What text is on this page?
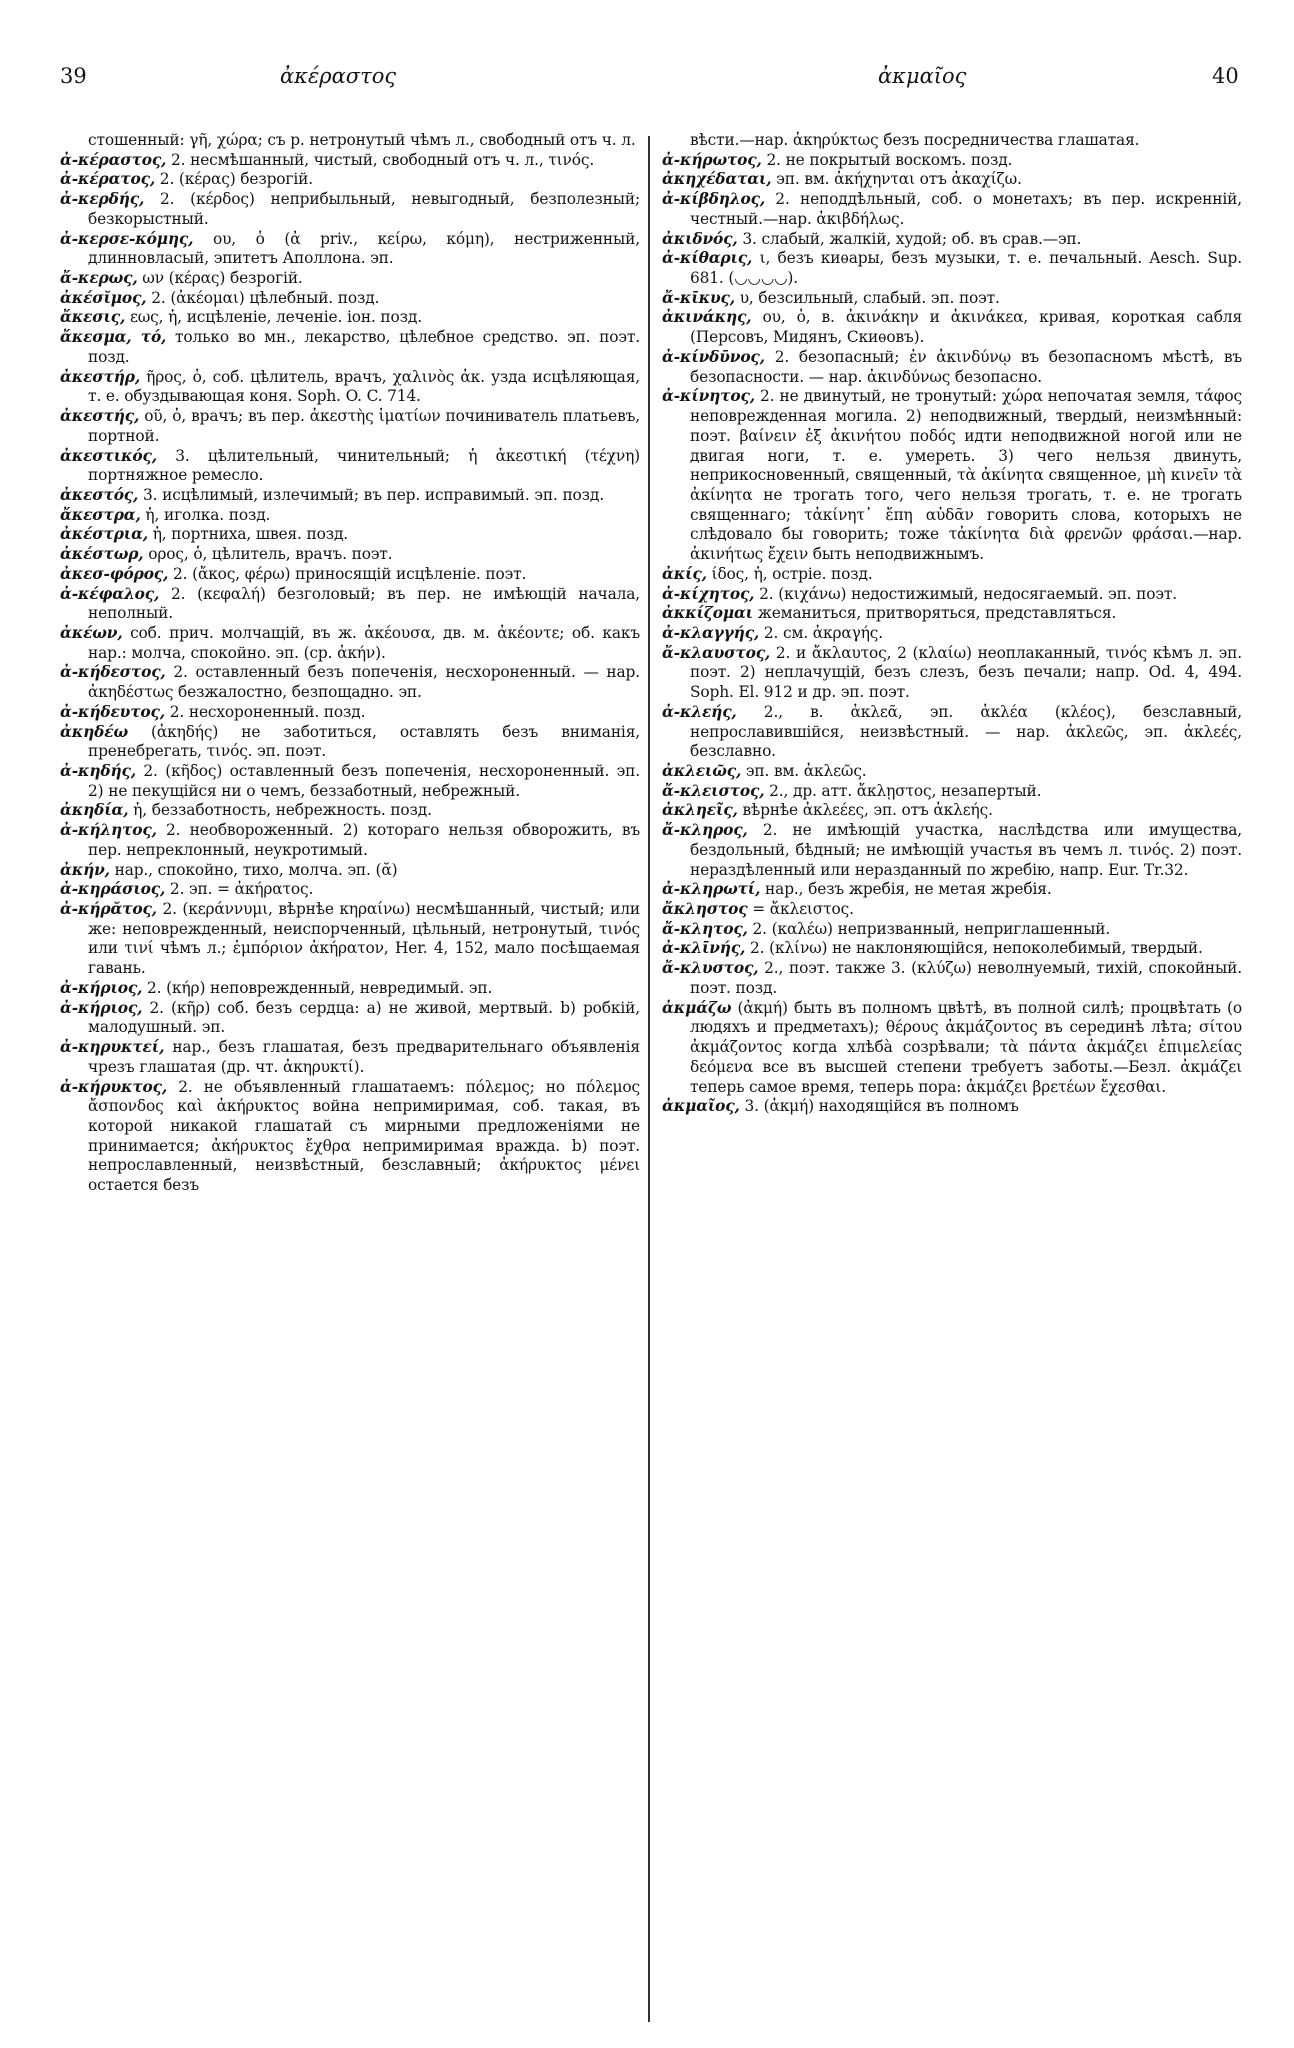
39	ἀκέραστος	ἀκμαῖος	40

стошенный: γῆ, χώρα; съ р. нетронутый чѣмъ л., свободный отъ ч. л.

ἀ-κέραστος, 2. несмѣшанный, чистый, свободный отъ ч. л., τινός.

ἀ-κέρατος, 2. (κέρας) безрогій.

ἀ-κερδής, 2. (κέρδος) неприбыльный, невыгодный, безполезный; безкорыстный.

ἀ-κερσε-κόμης, ου, ὁ (ἀ priv., κείρω, κόμη), нестриженный, длинновласый, эпитетъ Аполлона. эп.

ἄ-κερως, ων (κέρας) безрогій.

ἀκέσῐμος, 2. (ἀκέομαι) цѣлебный. позд.

ἄκεσις, εως, ἡ, исцѣленіе, леченіе. іон. позд.

ἄκεσμα, τό, только во мн., лекарство, цѣлебное средство. эп. поэт. позд.

ἀκεστήρ, ῆρος, ὁ, соб. цѣлитель, врачъ, χαλινὸς ἀκ. узда исцѣляющая, т. е. обуздывающая коня. Soph. O. C. 714.

ἀκεστής, οῦ, ὁ, врачъ; въ пер. ἀκεστὴς ἱματίων починиватель платьевъ, портной.

ἀκεστικός, 3. цѣлительный, чинительный; ἡ ἀκεστική (τέχνη) портняжное ремесло.

ἀκεστός, 3. исцѣлимый, излечимый; въ пер. исправимый. эп. позд.

ἄκεστρα, ἡ, иголка. позд.

ἀκέστρια, ἡ, портниха, швея. позд.

ἀκέστωρ, ορος, ὁ, цѣлитель, врачъ. поэт.

ἀκεσ-φόρος, 2. (ἄκος, φέρω) приносящій исцѣленіе. поэт.

ἀ-κέφαλος, 2. (κεφαλή) безголовый; въ пер. не имѣющій начала, неполный.

ἀκέων, соб. прич. молчащій, въ ж. ἀκέουσα, дв. м. ἀκέοντε; об. какъ нар.: молча, спокойно. эп. (ср. ἀκήν).

ἀ-κήδεστος, 2. оставленный безъ попеченія, несхороненный. — нар. ἀκηδέστως безжалостно, безпощадно. эп.

ἀ-κήδευτος, 2. несхороненный. позд.

ἀκηδέω (ἀκηδής) не заботиться, оставлять безъ вниманія, пренебрегать, τινός. эп. поэт.

ἀ-κηδής, 2. (κῆδος) оставленный безъ попеченія, несхороненный. эп. 2) не пекущійся ни о чемъ, беззаботный, небрежный.

ἀκηδία, ἡ, беззаботность, небрежность. позд.

ἀ-κήλητος, 2. необвороженный. 2) котораго нельзя обворожить, въ пер. непреклонный, неукротимый.

ἀκήν, нар., спокойно, тихо, молча. эп. (ᾰ)

ἀ-κηράσιος, 2. эп. = ἀκήρατος.

ἀ-κήρᾰτος, 2. (κεράννυμι, вѣрнѣе κηραίνω) несмѣшанный, чистый; или же: неповрежденный, неиспорченный, цѣльный, нетронутый, τινός или τινί чѣмъ л.; ἐμπόριον ἀκήρατον, Her. 4, 152, мало посѣщаемая гавань.

ἀ-κήριος, 2. (κήρ) неповрежденный, невредимый. эп.

ἀ-κήριος, 2. (κῆρ) соб. безъ сердца: a) не живой, мертвый. b) робкій, малодушный. эп.

ἀ-κηρυκτεί, нар., безъ глашатая, безъ предварительнаго объявленія чрезъ глашатая (др. чт. ἀκηρυκτί).

ἀ-κήρυκτος, 2. не объявленный глашатаемъ: πόλεμος; но πόλεμος ἄσπονδος καὶ ἀκήρυκτος война непримиримая, соб. такая, въ которой никакой глашатай съ мирными предложеніями не принимается; ἀκήρυκτος ἔχθρα непримиримая вражда. b) поэт. непрославленный, неизвѣстный, безславный; ἀκήρυκτος μένει остается безъ

вѣсти.—нар. ἀκηρύκτως безъ посредничества глашатая.

ἀ-κήρωτος, 2. не покрытый воскомъ. позд.

ἀκηχέδαται, эп. вм. ἀκήχηνται отъ ἀκαχίζω.

ἀ-κίβδηλος, 2. неподдѣльный, соб. о монетахъ; въ пер. искренній, честный.—нар. ἀκιβδήλως.

ἀκιδνός, 3. слабый, жалкій, худой; об. въ срав.—эп.

ἀ-κίθαρις, ι, безъ киѳары, безъ музыки, т. е. печальный. Aesch. Sup. 681. (◡◡◡◡).

ἄ-κῑκυς, υ, безсильный, слабый. эп. поэт.

ἀκινάκης, ου, ὁ, в. ἀκινάκην и ἀκινάκεα, кривая, короткая сабля (Персовъ, Мидянъ, Скиѳовъ).

ἀ-κίνδῡνος, 2. безопасный; ἐν ἀκινδύνῳ въ безопасномъ мѣстѣ, въ безопасности. — нар. ἀκινδύνως безопасно.

ἀ-κίνητος, 2. не двинутый, не тронутый: χώρα непочатая земля, τάφος неповрежденная могила. 2) неподвижный, твердый, неизмѣнный: поэт. βαίνειν ἐξ ἀκινήτου ποδός идти неподвижной ногой или не двигая ноги, т. е. умереть. 3) чего нельзя двинуть, неприкосновенный, священный, τὰ ἀκίνητα священное, μὴ κινεῖν τὰ ἀκίνητα не трогать того, чего нельзя трогать, т. е. не трогать священнаго; τἀκίνητ᾽ ἔπη αὐδᾶν говорить слова, которыхъ не слѣдовало бы говорить; тоже τἀκίνητα διὰ φρενῶν φράσαι.—нар. ἀκινήτως ἔχειν быть неподвижнымъ.

ἀκίς, ίδος, ἡ, остріе. позд.

ἀ-κίχητος, 2. (κιχάνω) недостижимый, недосягаемый. эп. поэт.

ἀκκίζομαι жеманиться, притворяться, представляться.

ἀ-κλαγγής, 2. см. ἀκραγής.

ἄ-κλαυστος, 2. и ἄκλαυτος, 2 (κλαίω) неоплаканный, τινός кѣмъ л. эп. поэт. 2) неплачущій, безъ слезъ, безъ печали; напр. Od. 4, 494. Soph. El. 912 и др. эп. поэт.

ἀ-κλεής, 2., в. ἀκλεᾶ, эп. ἀκλέα (κλέος), безславный, непрославившійся, неизвѣстный. — нар. ἀκλεῶς, эп. ἀκλεές, безславно.

ἀκλειῶς, эп. вм. ἀκλεῶς.

ἄ-κλειστος, 2., др. атт. ἄκλῃστος, незапертый.

ἀκληεῖς, вѣрнѣе ἀκλεέες, эп. отъ ἀκλεής.

ἄ-κληρος, 2. не имѣющій участка, наслѣдства или имущества, бездольный, бѣдный; не имѣющій участья въ чемъ л. τινός. 2) поэт. нераздѣленный или неразданный по жребію, напр. Eur. Tr.32.

ἀ-κληρωτί, нар., безъ жребія, не метая жребія.

ἄκληστος = ἄκλειστος.

ἄ-κλητος, 2. (καλέω) непризванный, неприглашенный.

ἀ-κλῑνής, 2. (κλίνω) не наклоняющійся, непоколебимый, твердый.

ἄ-κλυστος, 2., поэт. также 3. (κλύζω) неволнуемый, тихій, спокойный. поэт. позд.

ἀκμάζω (ἀκμή) быть въ полномъ цвѣтѣ, въ полной силѣ; процвѣтать (о людяхъ и предметахъ); θέρους ἀκμάζοντος въ серединѣ лѣта; σίτου ἀκμάζοντος когда хлѣбà созрѣвали; τὰ πάντα ἀκμάζει ἐπιμελείας δεόμενα все въ высшей степени требуетъ заботы.—Безл. ἀκμάζει теперь самое время, теперь пора: ἀκμάζει βρετέων ἔχεσθαι.

ἀκμαῖος, 3. (ἀκμή) находящійся въ полномъ
